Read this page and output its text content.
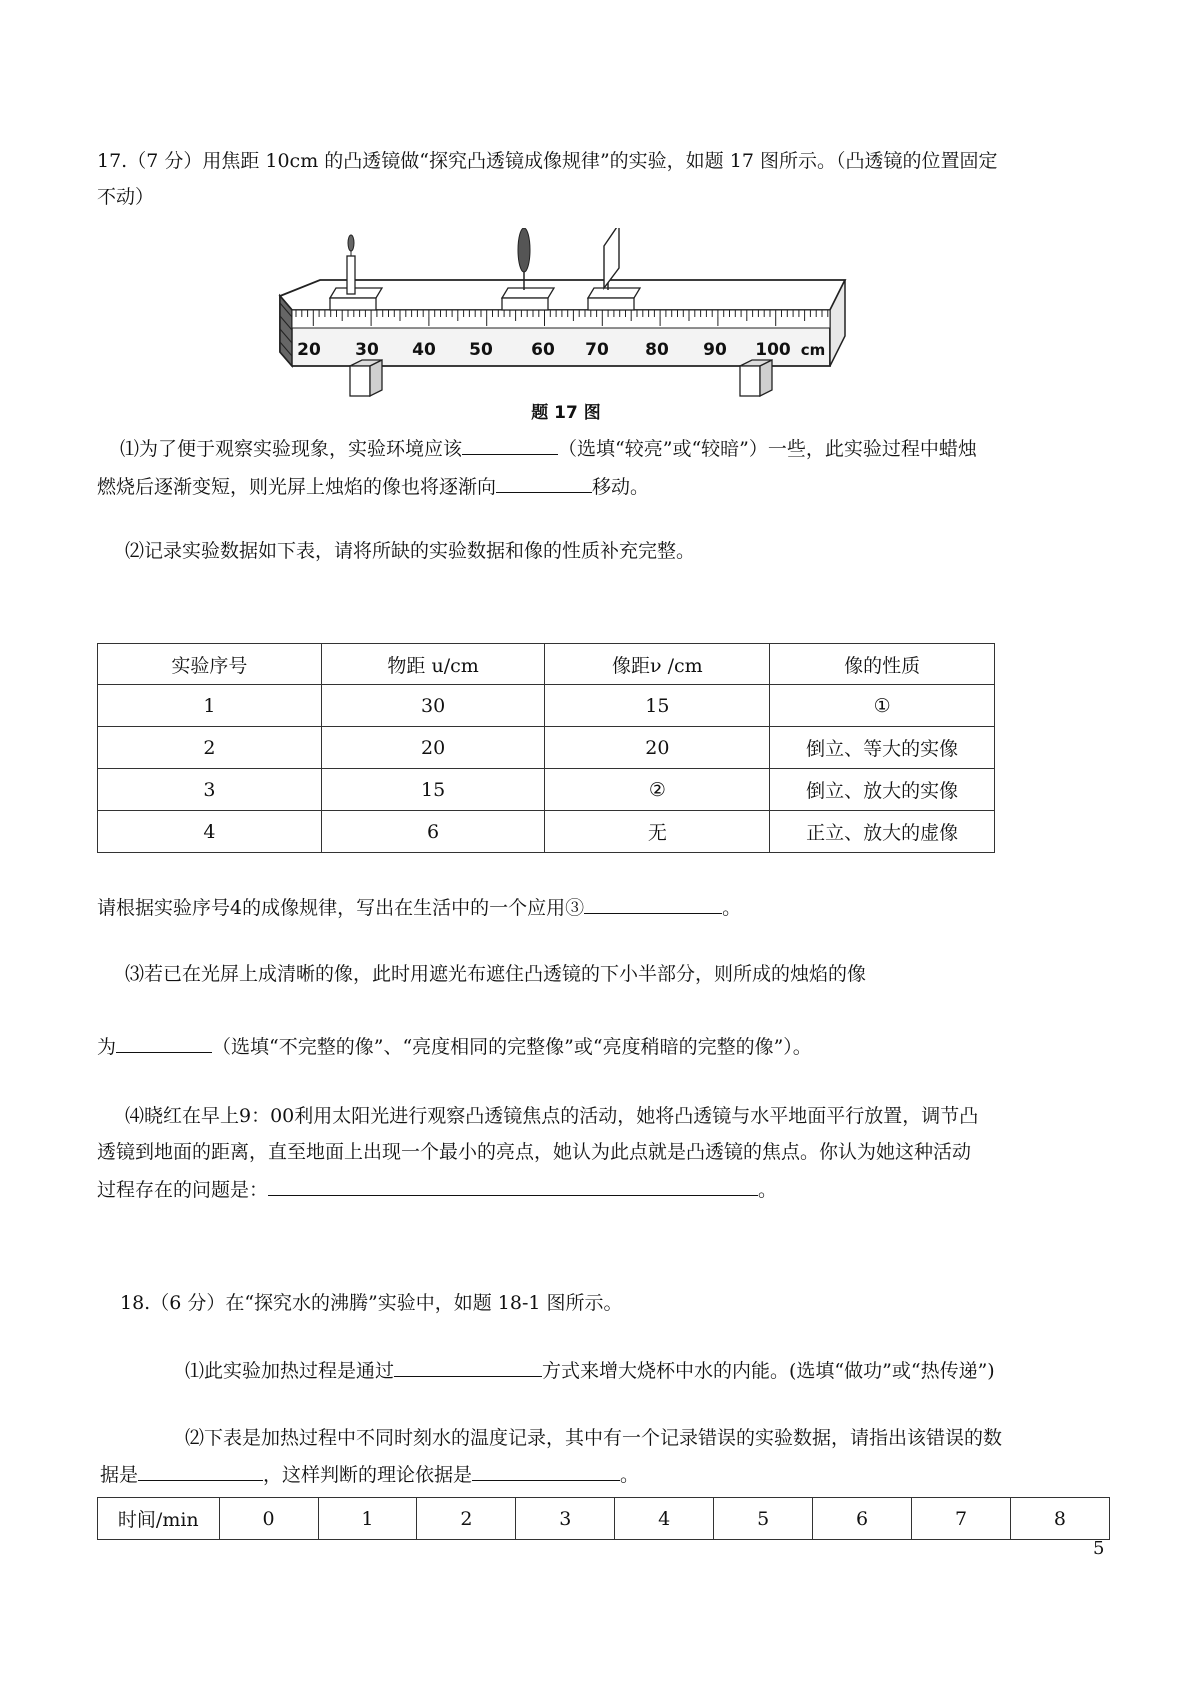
17.（7 分）用焦距 10cm 的凸透镜做“探究凸透镜成像规律”的实验，如题 17 图所示。（凸透镜的位置固定
不动）
20 30 40 50 60 70 80 90 100 cm
题 17 图
⑴为了便于观察实验现象，实验环境应该	（选填“较亮”或“较暗”）一些，此实验过程中蜡烛
燃烧后逐渐变短，则光屏上烛焰的像也将逐渐向	移动。
⑵记录实验数据如下表，请将所缺的实验数据和像的性质补充完整。
实验序号	物距 u/cm	像距ν /cm	像的性质
1	30	15	①
2	20	20	倒立、等大的实像
3	15	②	倒立、放大的实像
4	6	无	正立、放大的虚像
请根据实验序号4的成像规律，写出在生活中的一个应用③	。
⑶若已在光屏上成清晰的像，此时用遮光布遮住凸透镜的下小半部分，则所成的烛焰的像
为	（选填“不完整的像”、“亮度相同的完整像”或“亮度稍暗的完整的像”）。
⑷晓红在早上9：00利用太阳光进行观察凸透镜焦点的活动，她将凸透镜与水平地面平行放置，调节凸
透镜到地面的距离，直至地面上出现一个最小的亮点，她认为此点就是凸透镜的焦点。你认为她这种活动
过程存在的问题是：	。
18.（6 分）在“探究水的沸腾”实验中，如题 18-1 图所示。
⑴此实验加热过程是通过	方式来增大烧杯中水的内能。(选填“做功”或“热传递”)
⑵下表是加热过程中不同时刻水的温度记录，其中有一个记录错误的实验数据，请指出该错误的数
据是	，这样判断的理论依据是	。
时间/min	0	1	2	3	4	5	6	7	8
5
